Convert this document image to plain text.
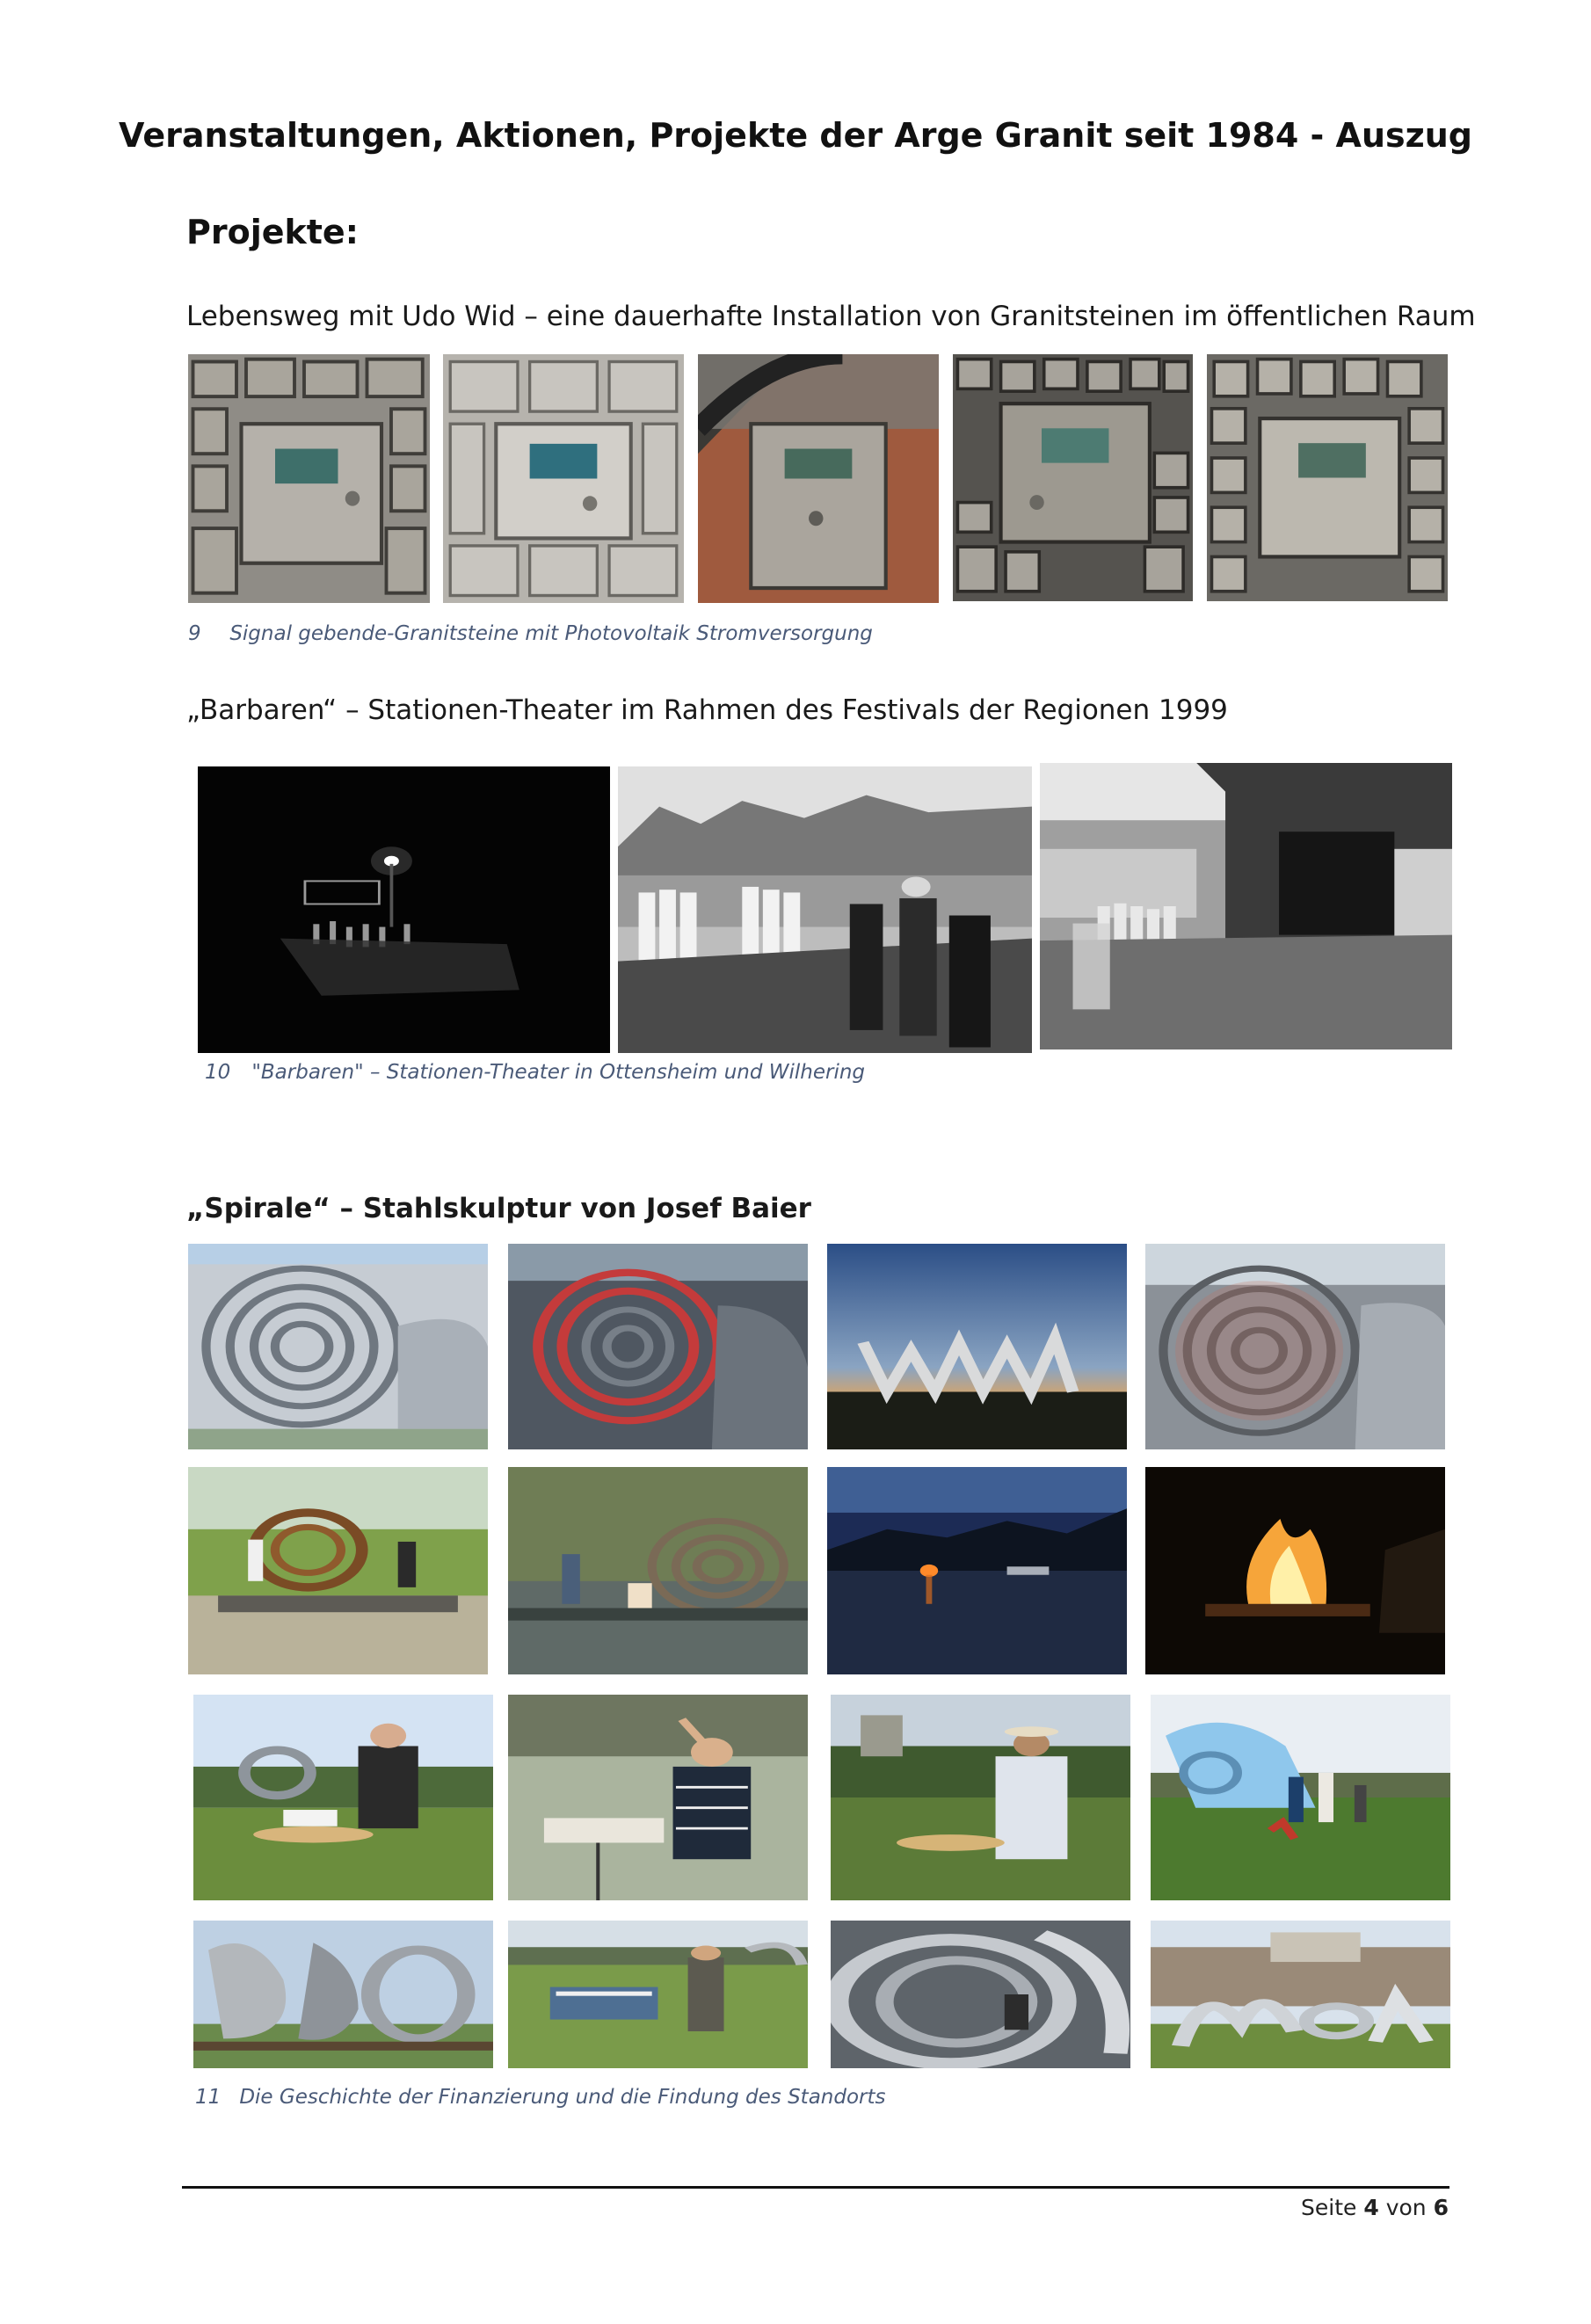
Veranstaltungen, Aktionen, Projekte der Arge Granit seit 1984 - Auszug
Projekte:
Lebensweg mit Udo Wid – eine dauerhafte Installation von Granitsteinen im öffentlichen Raum
9 Signal gebende-Granitsteine mit Photovoltaik Stromversorgung
„Barbaren“ – Stationen-Theater im Rahmen des Festivals der Regionen 1999
10 "Barbaren" – Stationen-Theater in Ottensheim und Wilhering
„Spirale“ – Stahlskulptur von Josef Baier
11 Die Geschichte der Finanzierung und die Findung des Standorts
Seite 4 von 6
